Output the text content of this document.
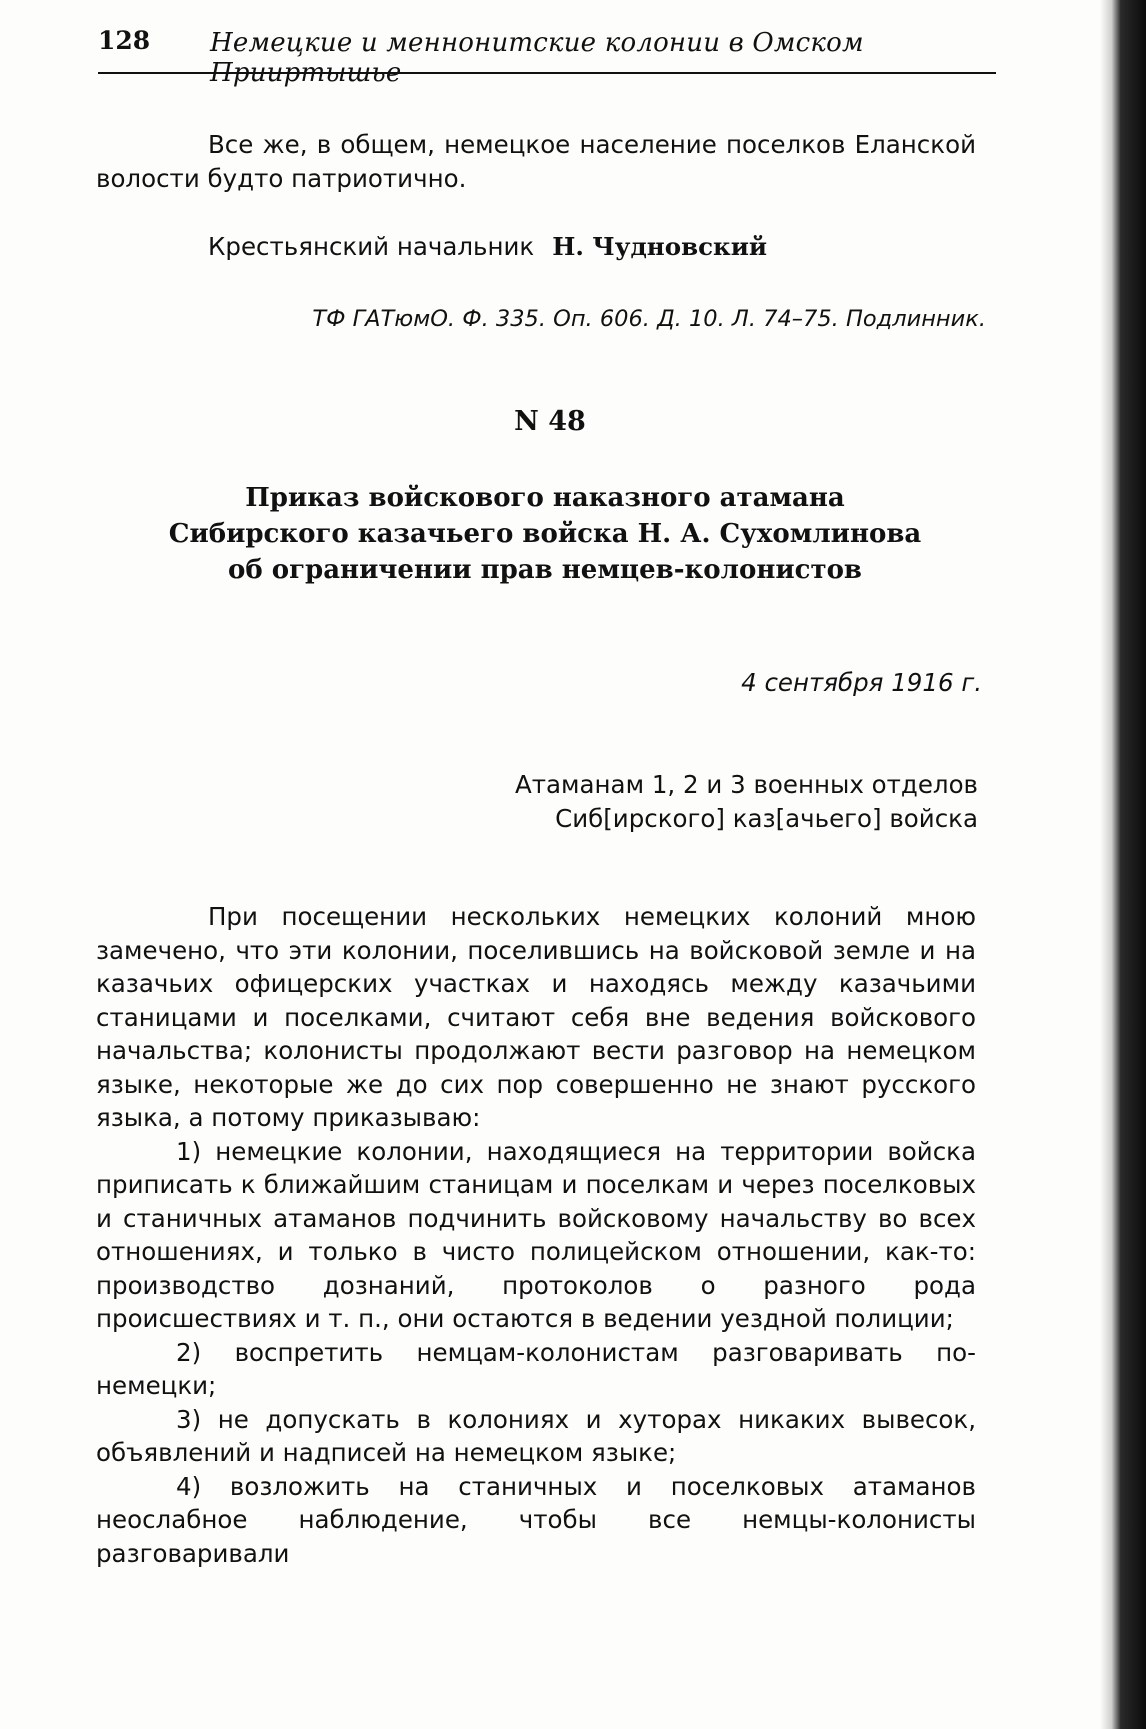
128 Немецкие и меннонитские колонии в Омском Прииртышье

Все же, в общем, немецкое население поселков Еланской волости будто патриотично.

Крестьянский начальник Н. Чудновский
ТФ ГАТюмО. Ф. 335. Оп. 606. Д. 10. Л. 74–75. Подлинник.
N 48
Приказ войскового наказного атамана
Сибирского казачьего войска Н. А. Сухомлинова
об ограничении прав немцев-колонистов
4 сентября 1916 г.
Атаманам 1, 2 и 3 военных отделов
Сиб[ирского] каз[ачьего] войска

При посещении нескольких немецких колоний мною замечено, что эти колонии, поселившись на войсковой земле и на казачьих офицерских участках и находясь между казачьими станицами и поселками, считают себя вне ведения войскового начальства; колонисты продолжают вести разговор на немецком языке, некоторые же до сих пор совершенно не знают русского языка, а потому приказываю:

1) немецкие колонии, находящиеся на территории войска приписать к ближайшим станицам и поселкам и через поселковых и станичных атаманов подчинить войсковому начальству во всех отношениях, и только в чисто полицейском отношении, как-то: производство дознаний, протоколов о разного рода происшествиях и т. п., они остаются в ведении уездной полиции;

2) воспретить немцам-колонистам разговаривать по-немецки;

3) не допускать в колониях и хуторах никаких вывесок, объявлений и надписей на немецком языке;

4) возложить на станичных и поселковых атаманов неослабное наблюдение, чтобы все немцы-колонисты разговаривали
